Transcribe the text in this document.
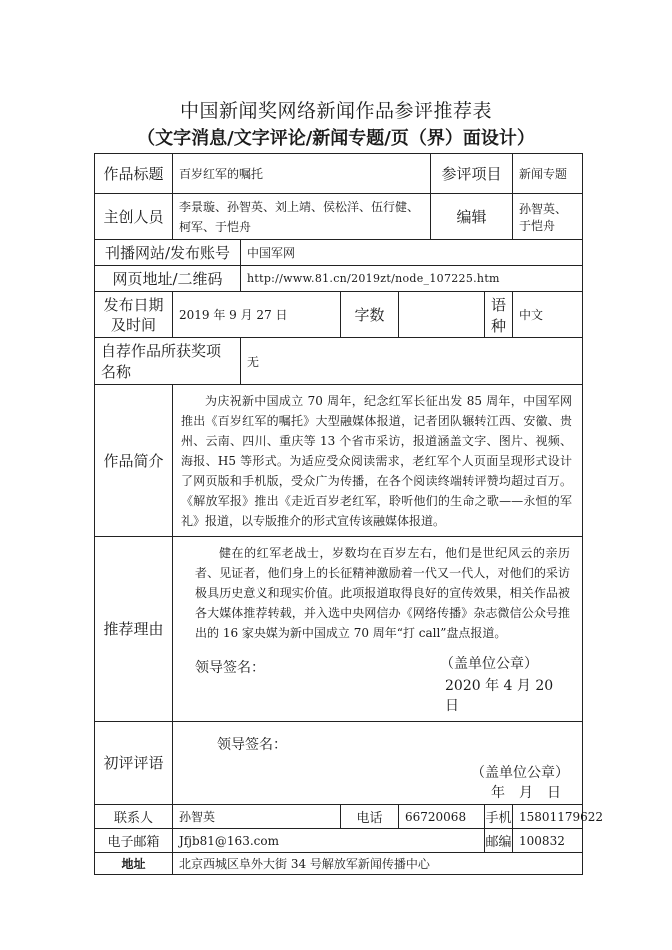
中国新闻奖网络新闻作品参评推荐表
（文字消息/文字评论/新闻专题/页（界）面设计）
作品标题	百岁红军的嘱托				参评项目		新闻专题
主创人员	李景璇、孙智英、刘上靖、侯松洋、伍行健、柯军、于恺舟				编辑		孙智英、于恺舟
刊播网站/发布账号		中国军网					
网页地址/二维码		http://www.81.cn/2019zt/node_107225.htm					
发布日期及时间	2019 年 9 月 27 日		字数			语种	中文
自荐作品所获奖项名称		无					

作品简介	为庆祝新中国成立 70 周年，纪念红军长征出发 85 周年，中国军网推出《百岁红军的嘱托》大型融媒体报道，记者团队辗转江西、安徽、贵州、云南、四川、重庆等 13 个省市采访，报道涵盖文字、图片、视频、海报、H5 等形式。为适应受众阅读需求，老红军个人页面呈现形式设计了网页版和手机版，受众广为传播，在各个阅读终端转评赞均超过百万。《解放军报》推出《走近百岁老红军，聆听他们的生命之歌——永恒的军礼》报道，以专版推介的形式宣传该融媒体报道。						

推荐理由	健在的红军老战士，岁数均在百岁左右，他们是世纪风云的亲历者、见证者，他们身上的长征精神激励着一代又一代人，对他们的采访极具历史意义和现实价值。此项报道取得良好的宣传效果，相关作品被各大媒体推荐转载，并入选中央网信办《网络传播》杂志微信公众号推出的 16 家央媒为新中国成立 70 周年“打 call”盘点报道。

领导签名： （盖单位公章）
2020 年 4 月 20 日						

初评评语	领导签名：
（盖单位公章）
年　月　日						

联系人	孙智英		电话	66720068		手机	15801179622
电子邮箱	Jfjb81@163.com					邮编	100832
地址	北京西城区阜外大街 34 号解放军新闻传播中心						
